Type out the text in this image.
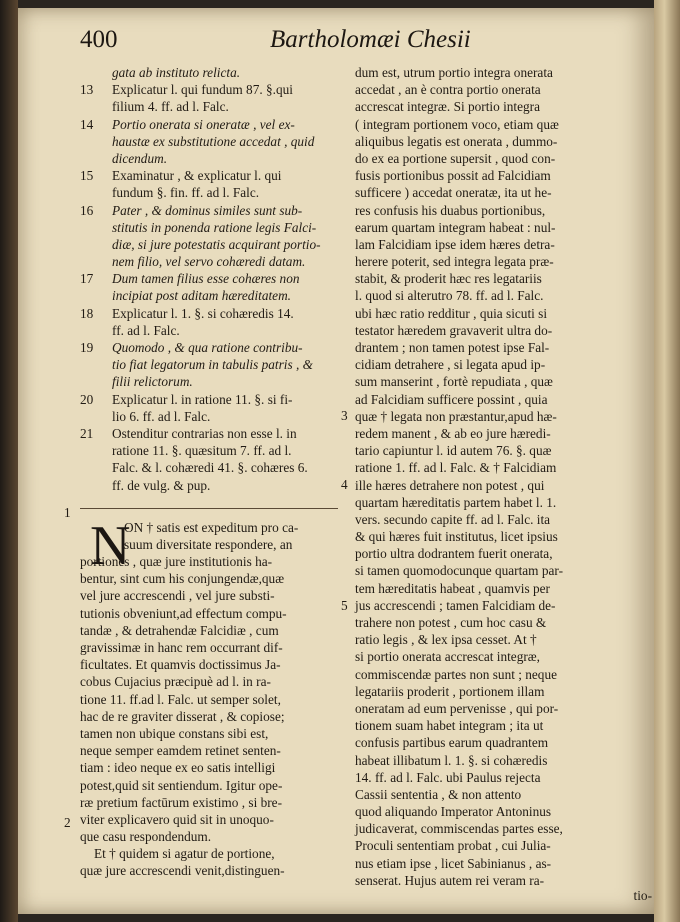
400	Bartholomæi Chesii
gata ab instituto relicta.
13	Explicatur l. qui fundum 87. §.qui
filium 4. ff. ad l. Falc.
14	Portio onerata si oneratæ , vel ex-
haustæ ex substitutione accedat , quid
dicendum.
15	Examinatur , & explicatur l. qui
fundum §. fin. ff. ad l. Falc.
16	Pater , & dominus similes sunt sub-
stitutis in ponenda ratione legis Falci-
diæ, si jure potestatis acquirant portio-
nem filio, vel servo cohæredi datam.
17	Dum tamen filius esse cohæres non
incipiat post aditam hæreditatem.
18	Explicatur l. 1. §. si cohæredis 14.
ff. ad l. Falc.
19	Quomodo , & qua ratione contribu-
tio fiat legatorum in tabulis patris , &
filii relictorum.
20	Explicatur l. in ratione 11. §. si fi-
lio 6. ff. ad l. Falc.
21	Ostenditur contrarias non esse l. in
ratione 11. §. quæsitum 7. ff. ad l.
Falc. & l. cohæredi 41. §. cohæres 6.
ff. de vulg. & pup.
N
ON † satis est expeditum pro ca-
suum diversitate respondere, an
portiones , quæ jure institutionis ha-
bentur, sint cum his conjungendæ,quæ
vel jure accrescendi , vel jure substi-
tutionis obveniunt,ad effectum compu-
tandæ , & detrahendæ Falcidiæ , cum
gravissimæ in hanc rem occurrant dif-
ficultates. Et quamvis doctissimus Ja-
cobus Cujacius præcipuè ad l. in ra-
tione 11. ff.ad l. Falc. ut semper solet,
hac de re graviter disserat , & copiose;
tamen non ubique constans sibi est,
neque semper eamdem retinet senten-
tiam : ideo neque ex eo satis intelligi
potest,quid sit sentiendum. Igitur ope-
ræ pretium factūrum existimo , si bre-
viter explicavero quid sit in unoquo-
que casu respondendum.
Et † quidem si agatur de portione,
quæ jure accrescendi venit,distinguen-
dum est, utrum portio integra onerata
accedat , an è contra portio onerata
accrescat integræ. Si portio integra
( integram portionem voco, etiam quæ
aliquibus legatis est onerata , dummo-
do ex ea portione supersit , quod con-
fusis portionibus possit ad Falcidiam
sufficere ) accedat oneratæ, ita ut he-
res confusis his duabus portionibus,
earum quartam integram habeat : nul-
lam Falcidiam ipse idem hæres detra-
herere poterit, sed integra legata præ-
stabit, & proderit hæc res legatariis
l. quod si alterutro 78. ff. ad l. Falc.
ubi hæc ratio redditur , quia sicuti si
testator hæredem gravaverit ultra do-
drantem ; non tamen potest ipse Fal-
cidiam detrahere , si legata apud ip-
sum manserint , fortè repudiata , quæ
ad Falcidiam sufficere possint , quia
quæ † legata non præstantur,apud hæ-
redem manent , & ab eo jure hæredi-
tario capiuntur l. id autem 76. §. quæ
ratione 1. ff. ad l. Falc. & † Falcidiam
ille hæres detrahere non potest , qui
quartam hæreditatis partem habet l. 1.
vers. secundo capite ff. ad l. Falc. ita
& qui hæres fuit institutus, licet ipsius
portio ultra dodrantem fuerit onerata,
si tamen quomodocunque quartam par-
tem hæreditatis habeat , quamvis per
jus accrescendi ; tamen Falcidiam de-
trahere non potest , cum hoc casu &
ratio legis , & lex ipsa cesset. At †
si portio onerata accrescat integræ,
commiscendæ partes non sunt ; neque
legatariis proderit , portionem illam
oneratam ad eum pervenisse , qui por-
tionem suam habet integram ; ita ut
confusis partibus earum quadrantem
habeat illibatum l. 1. §. si cohæredis
14. ff. ad l. Falc. ubi Paulus rejecta
Cassii sententia , & non attento
quod aliquando Imperator Antoninus
judicaverat, commiscendas partes esse,
Proculi sententiam probat , cui Julia-
nus etiam ipse , licet Sabinianus , as-
senserat. Hujus autem rei veram ra-
1
2
3
4
5
tio-
